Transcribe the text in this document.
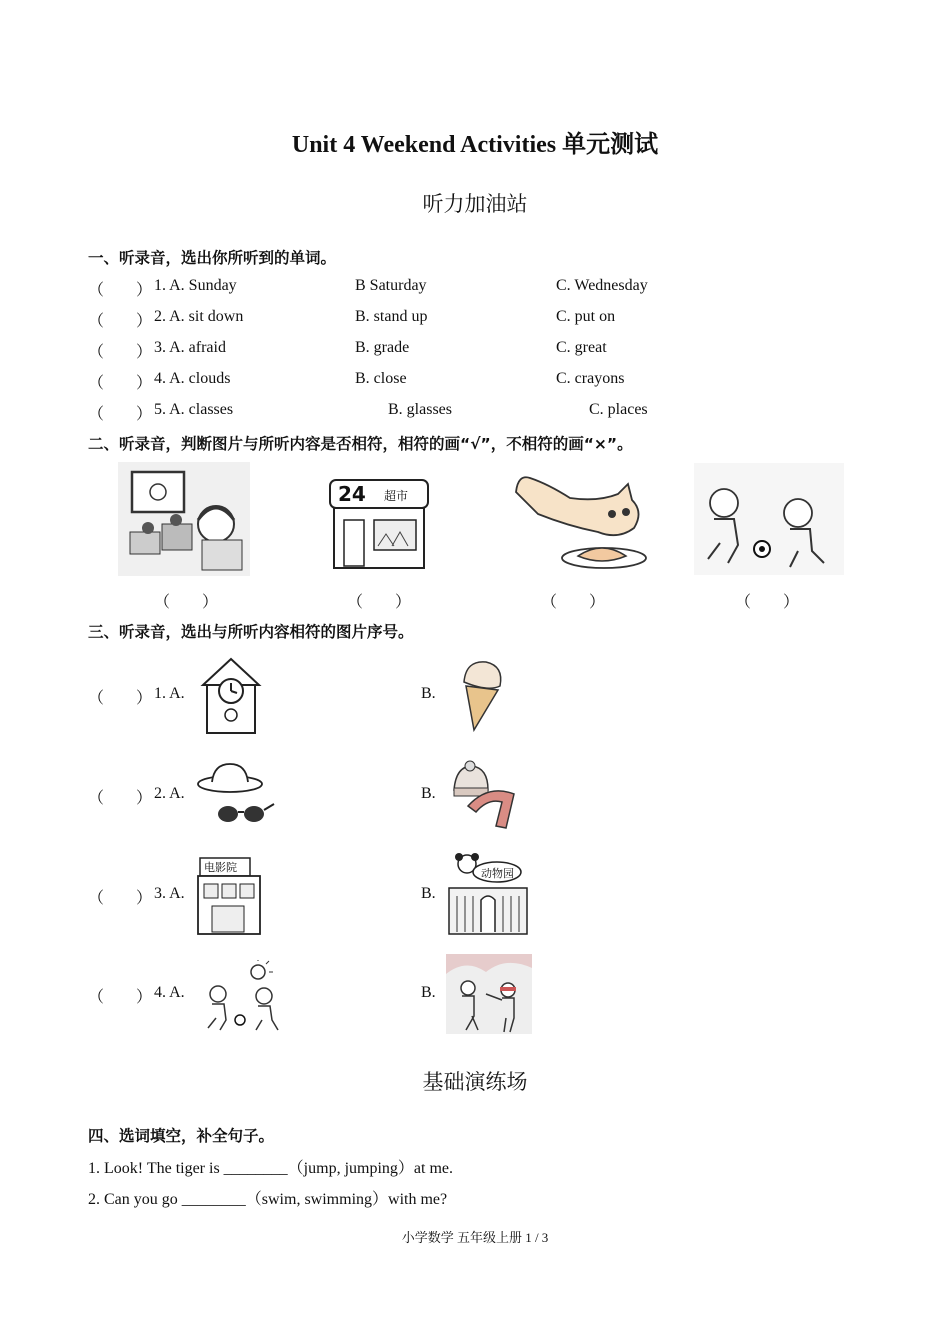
Unit 4 Weekend Activities 单元测试
听力加油站
一、听录音，选出你所听到的单词。
（　　） 1. A. Sunday	B Saturday	C. Wednesday
（　　） 2. A. sit down	B. stand up	C. put on
（　　） 3. A. afraid	B. grade	C. great
（　　） 4. A. clouds	B. close	C. crayons
（　　） 5. A. classes	B. glasses	C. places
二、听录音，判断图片与所听内容是否相符，相符的画“√”，不相符的画“×”。
24 超市
（　　）	（　　）	（　　）	（　　）
三、听录音，选出与所听内容相符的图片序号。
（　　） 1. A.	B.
（　　） 2. A.	B.
（　　） 3. A.	B.
电影院	动物园
（　　） 4. A.	B.
基础演练场
四、选词填空，补全句子。
1. Look! The tiger is ________（jump, jumping）at me.
2. Can you go ________（swim, swimming）with me?
小学数学 五年级上册 1 / 3
